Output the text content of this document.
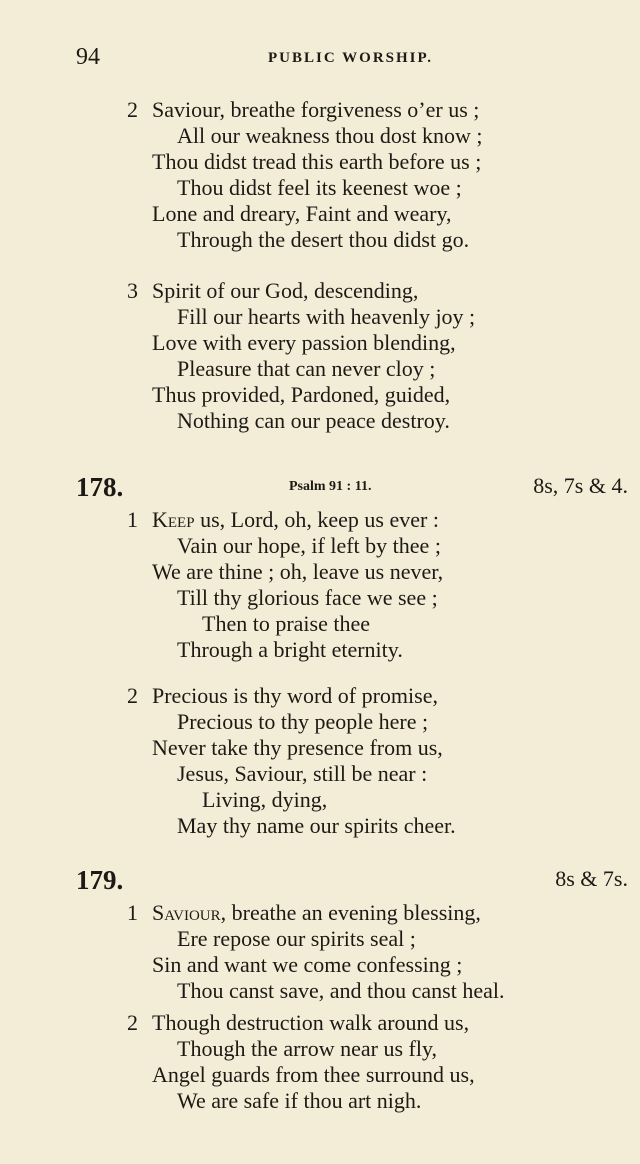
94	PUBLIC WORSHIP.
2 Saviour, breathe forgiveness o’er us ;
All our weakness thou dost know ;
Thou didst tread this earth before us ;
Thou didst feel its keenest woe ;
Lone and dreary, Faint and weary,
Through the desert thou didst go.
3 Spirit of our God, descending,
Fill our hearts with heavenly joy ;
Love with every passion blending,
Pleasure that can never cloy ;
Thus provided, Pardoned, guided,
Nothing can our peace destroy.
178.	Psalm 91 : 11.	8s, 7s & 4.
1 Keep us, Lord, oh, keep us ever :
Vain our hope, if left by thee ;
We are thine ; oh, leave us never,
Till thy glorious face we see ;
Then to praise thee
Through a bright eternity.
2 Precious is thy word of promise,
Precious to thy people here ;
Never take thy presence from us,
Jesus, Saviour, still be near :
Living, dying,
May thy name our spirits cheer.
179.	8s & 7s.
1 Saviour, breathe an evening blessing,
Ere repose our spirits seal ;
Sin and want we come confessing ;
Thou canst save, and thou canst heal.
2 Though destruction walk around us,
Though the arrow near us fly,
Angel guards from thee surround us,
We are safe if thou art nigh.
